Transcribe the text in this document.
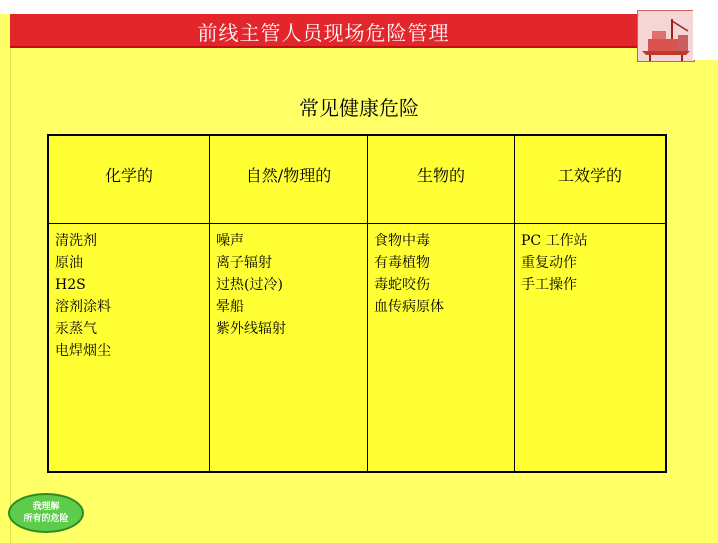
前线主管人员现场危险管理
常见健康危险
化学的
清洗剂
原油
H2S
溶剂涂料
汞蒸气
电焊烟尘
自然/物理的
噪声
离子辐射
过热(过冷)
晕船
紫外线辐射
生物的
食物中毒
有毒植物
毒蛇咬伤
血传病原体
工效学的
PC 工作站
重复动作
手工操作
我理解
所有的危险
